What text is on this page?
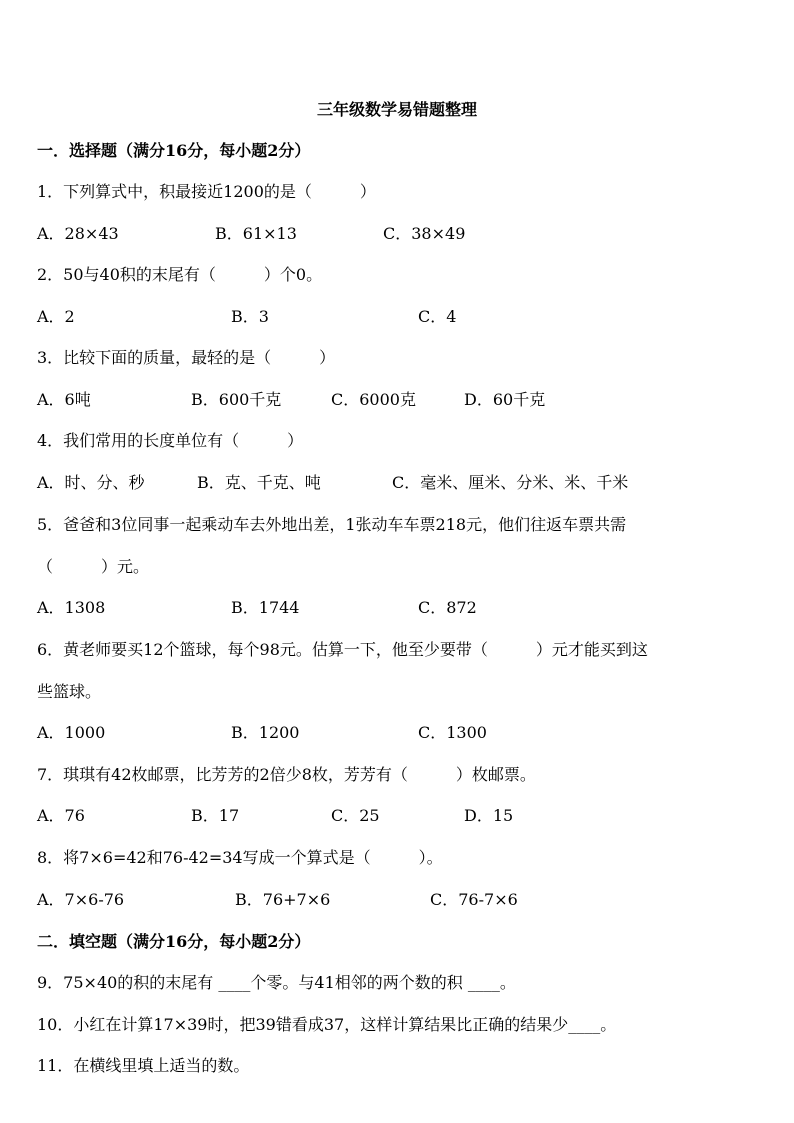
三年级数学易错题整理
一．选择题（满分16分，每小题2分）
1．下列算式中，积最接近1200的是（　　　）
A．28×43	B．61×13	C．38×49
2．50与40积的末尾有（　　　）个0。
A．2	B．3	C．4
3．比较下面的质量，最轻的是（　　　）
A．6吨	B．600千克	C．6000克	D．60千克
4．我们常用的长度单位有（　　　）
A．时、分、秒	B．克、千克、吨	C．毫米、厘米、分米、米、千米
5．爸爸和3位同事一起乘动车去外地出差，1张动车车票218元，他们往返车票共需
（　　　）元。
A．1308	B．1744	C．872
6．黄老师要买12个篮球，每个98元。估算一下，他至少要带（　　　）元才能买到这
些篮球。
A．1000	B．1200	C．1300
7．琪琪有42枚邮票，比芳芳的2倍少8枚，芳芳有（　　　）枚邮票。
A．76	B．17	C．25	D．15
8．将7×6=42和76-42=34写成一个算式是（　　　）。
A．7×6-76	B．76+7×6	C．76-7×6
二．填空题（满分16分，每小题2分）
9．75×40的积的末尾有 ____个零。与41相邻的两个数的积 ____。
10．小红在计算17×39时，把39错看成37，这样计算结果比正确的结果少____。
11．在横线里填上适当的数。
